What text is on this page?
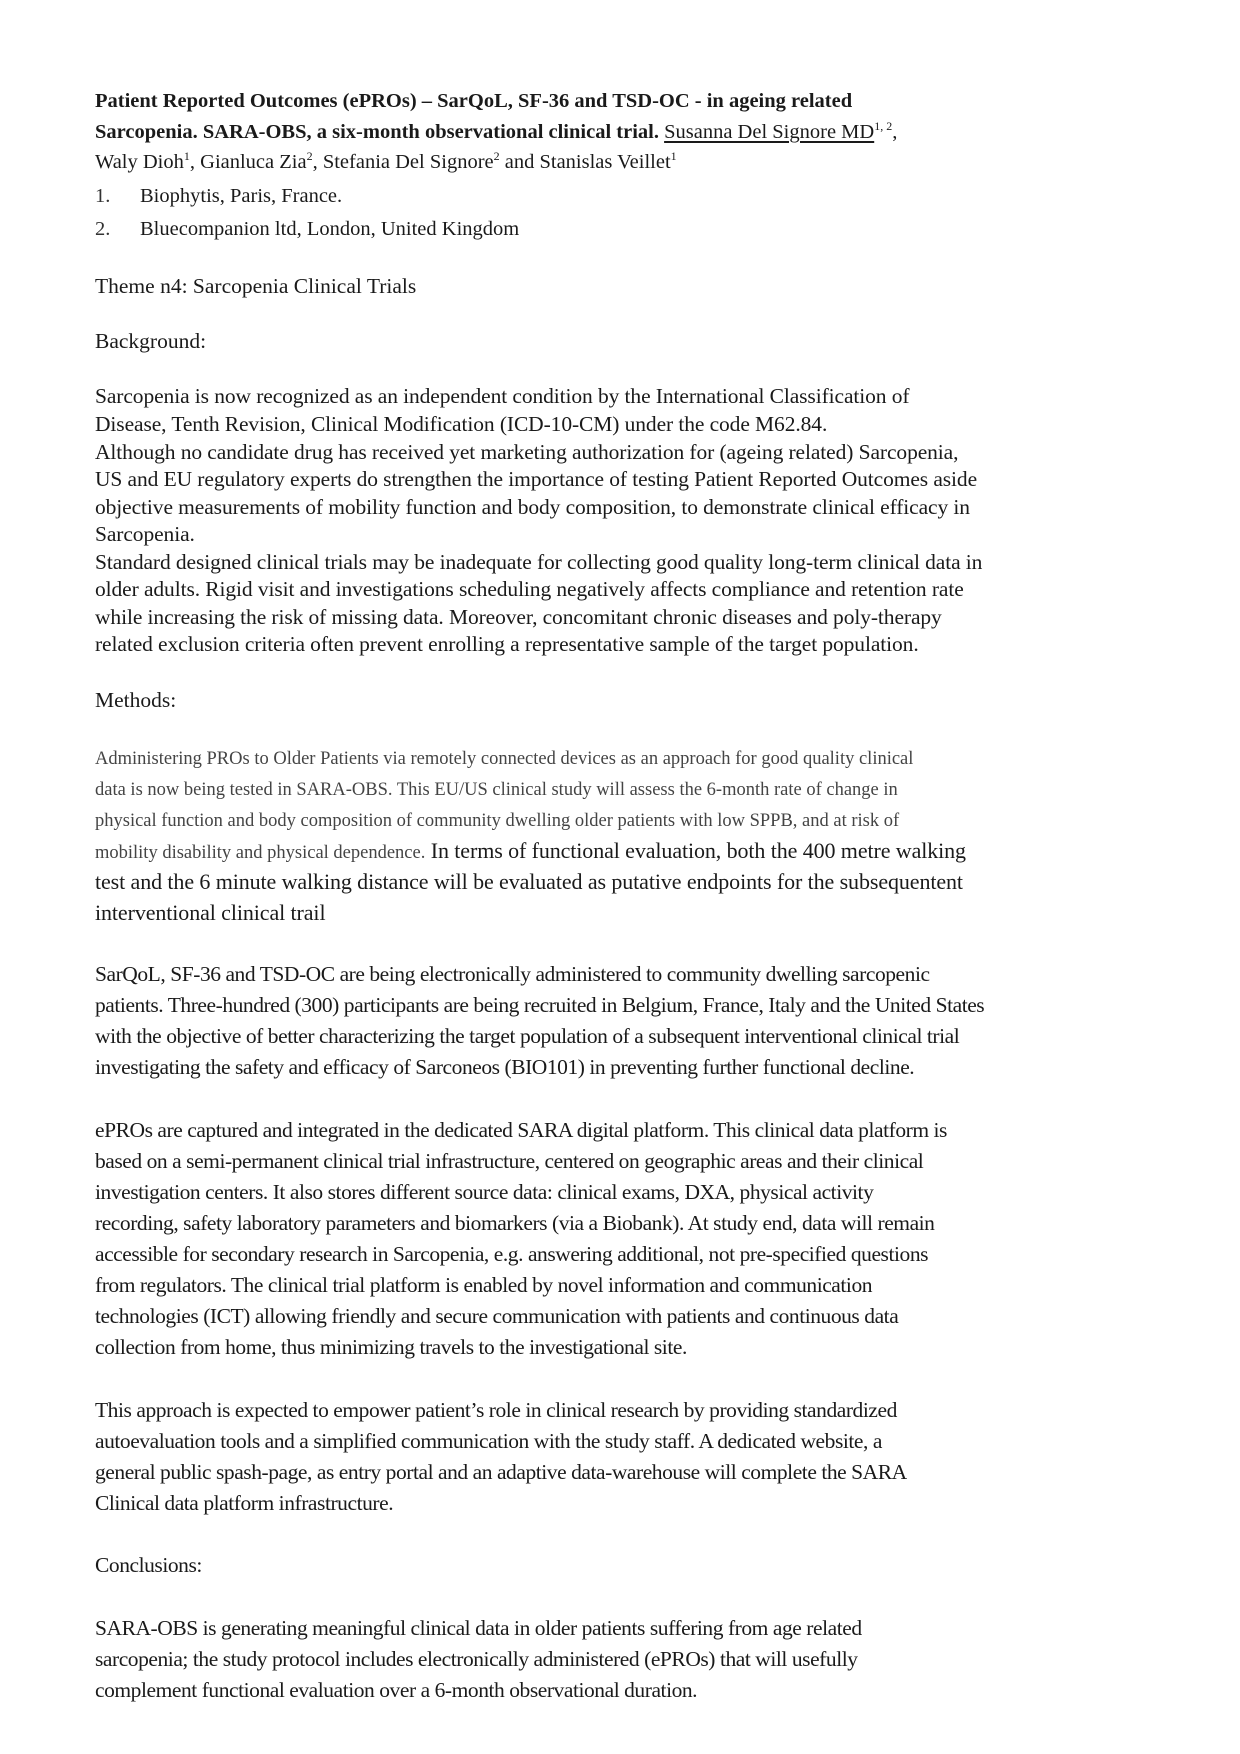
Patient Reported Outcomes (ePROs) – SarQoL, SF-36 and TSD-OC - in ageing related
Sarcopenia. SARA-OBS, a six-month observational clinical trial. Susanna Del Signore MD$^{1, 2}$,
Waly Dioh$^1$, Gianluca Zia$^2$, Stefania Del Signore$^2$ and Stanislas Veillet$^1$
1. Biophytis, Paris, France.
2. Bluecompanion ltd, London, United Kingdom
Theme n4: Sarcopenia Clinical Trials
Background:
Sarcopenia is now recognized as an independent condition by the International Classification of
Disease, Tenth Revision, Clinical Modification (ICD-10-CM) under the code M62.84.
Although no candidate drug has received yet marketing authorization for (ageing related) Sarcopenia,
US and EU regulatory experts do strengthen the importance of testing Patient Reported Outcomes aside
objective measurements of mobility function and body composition, to demonstrate clinical efficacy in
Sarcopenia.
Standard designed clinical trials may be inadequate for collecting good quality long-term clinical data in
older adults. Rigid visit and investigations scheduling negatively affects compliance and retention rate
while increasing the risk of missing data. Moreover, concomitant chronic diseases and poly-therapy
related exclusion criteria often prevent enrolling a representative sample of the target population.
Methods:
Administering PROs to Older Patients via remotely connected devices as an approach for good quality clinical
data is now being tested in SARA-OBS. This EU/US clinical study will assess the 6-month rate of change in
physical function and body composition of community dwelling older patients with low SPPB, and at risk of
mobility disability and physical dependence. In terms of functional evaluation, both the 400 metre walking
test and the 6 minute walking distance will be evaluated as putative endpoints for the subsequentent
interventional clinical trail
SarQoL, SF-36 and TSD-OC are being electronically administered to community dwelling sarcopenic
patients. Three-hundred (300) participants are being recruited in Belgium, France, Italy and the United States
with the objective of better characterizing the target population of a subsequent interventional clinical trial
investigating the safety and efficacy of Sarconeos (BIO101) in preventing further functional decline.
ePROs are captured and integrated in the dedicated SARA digital platform. This clinical data platform is
based on a semi-permanent clinical trial infrastructure, centered on geographic areas and their clinical
investigation centers. It also stores different source data: clinical exams, DXA, physical activity
recording, safety laboratory parameters and biomarkers (via a Biobank). At study end, data will remain
accessible for secondary research in Sarcopenia, e.g. answering additional, not pre-specified questions
from regulators. The clinical trial platform is enabled by novel information and communication
technologies (ICT) allowing friendly and secure communication with patients and continuous data
collection from home, thus minimizing travels to the investigational site.
This approach is expected to empower patient’s role in clinical research by providing standardized
autoevaluation tools and a simplified communication with the study staff. A dedicated website, a
general public spash-page, as entry portal and an adaptive data-warehouse will complete the SARA
Clinical data platform infrastructure.
Conclusions:
SARA-OBS is generating meaningful clinical data in older patients suffering from age related
sarcopenia; the study protocol includes electronically administered (ePROs) that will usefully
complement functional evaluation over a 6-month observational duration.
